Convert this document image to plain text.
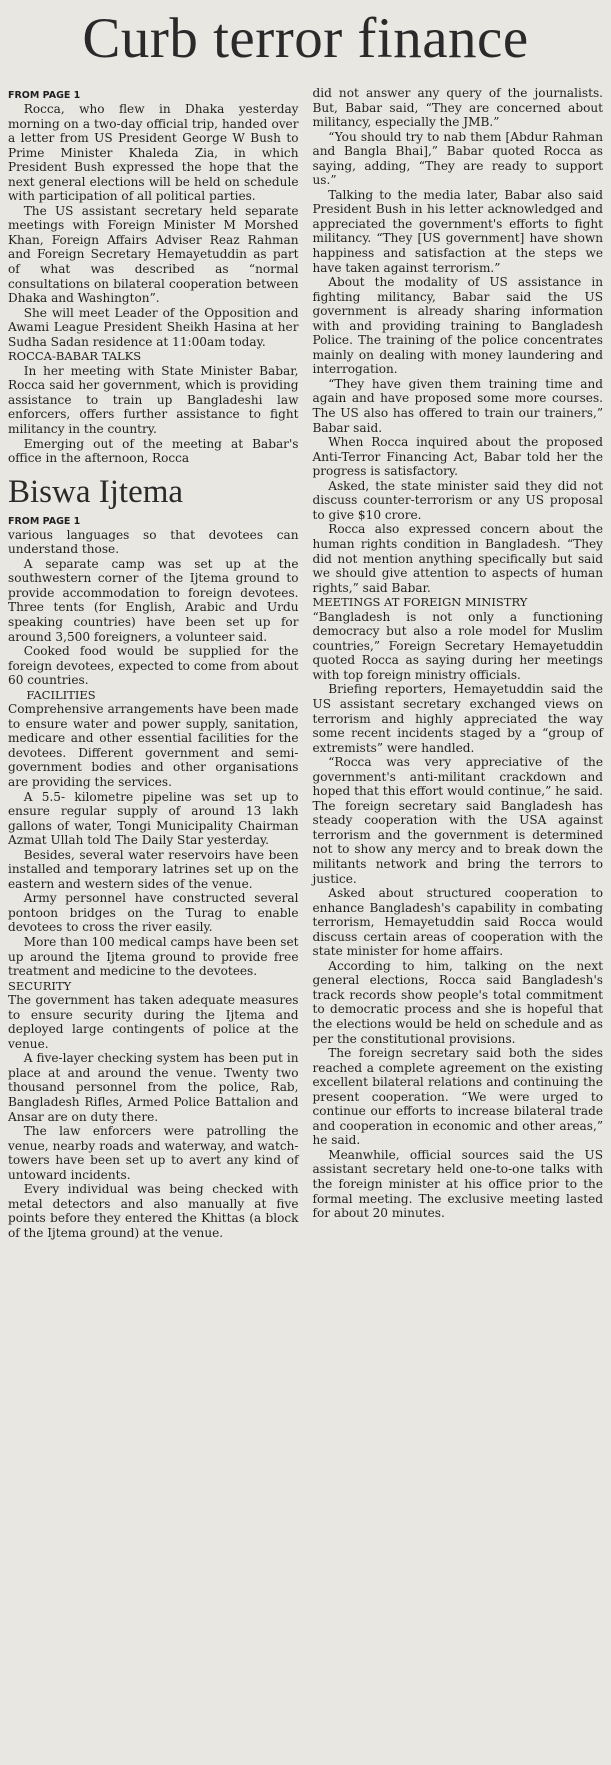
Curb terror finance
FROM PAGE 1

Rocca, who flew in Dhaka yesterday morning on a two-day official trip, handed over a letter from US President George W Bush to Prime Minister Khaleda Zia, in which President Bush expressed the hope that the next general elections will be held on schedule with participation of all political parties.

The US assistant secretary held separate meetings with Foreign Minister M Morshed Khan, Foreign Affairs Adviser Reaz Rahman and Foreign Secretary Hemayetuddin as part of what was described as “normal consultations on bilateral cooperation between Dhaka and Washington”.

She will meet Leader of the Opposition and Awami League President Sheikh Hasina at her Sudha Sadan residence at 11:00am today.

ROCCA-BABAR TALKS

In her meeting with State Minister Babar, Rocca said her government, which is providing assistance to train up Bangladeshi law enforcers, offers further assistance to fight militancy in the country.

Emerging out of the meeting at Babar's office in the afternoon, Rocca

Biswa Ijtema
FROM PAGE 1

various languages so that devotees can understand those.

A separate camp was set up at the southwestern corner of the Ijtema ground to provide accommodation to foreign devotees. Three tents (for English, Arabic and Urdu speaking countries) have been set up for around 3,500 foreigners, a volunteer said.

Cooked food would be supplied for the foreign devotees, expected to come from about 60 countries.

FACILITIES

Comprehensive arrangements have been made to ensure water and power supply, sanitation, medicare and other essential facilities for the devotees. Different government and semi-government bodies and other organisations are providing the services.

A 5.5- kilometre pipeline was set up to ensure regular supply of around 13 lakh gallons of water, Tongi Municipality Chairman Azmat Ullah told The Daily Star yesterday.

Besides, several water reservoirs have been installed and temporary latrines set up on the eastern and western sides of the venue.

Army personnel have constructed several pontoon bridges on the Turag to enable devotees to cross the river easily.

More than 100 medical camps have been set up around the Ijtema ground to provide free treatment and medicine to the devotees.

SECURITY

The government has taken adequate measures to ensure security during the Ijtema and deployed large contingents of police at the venue.

A five-layer checking system has been put in place at and around the venue. Twenty two thousand personnel from the police, Rab, Bangladesh Rifles, Armed Police Battalion and Ansar are on duty there.

The law enforcers were patrolling the venue, nearby roads and waterway, and watch-towers have been set up to avert any kind of untoward incidents.

Every individual was being checked with metal detectors and also manually at five points before they entered the Khittas (a block of the Ijtema ground) at the venue.

did not answer any query of the journalists. But, Babar said, “They are concerned about militancy, especially the JMB.”

“You should try to nab them [Abdur Rahman and Bangla Bhai],” Babar quoted Rocca as saying, adding, “They are ready to support us.”

Talking to the media later, Babar also said President Bush in his letter acknowledged and appreciated the government's efforts to fight militancy. “They [US government] have shown happiness and satisfaction at the steps we have taken against terrorism.”

About the modality of US assistance in fighting militancy, Babar said the US government is already sharing information with and providing training to Bangladesh Police. The training of the police concentrates mainly on dealing with money laundering and interrogation.

“They have given them training time and again and have proposed some more courses. The US also has offered to train our trainers,” Babar said.

When Rocca inquired about the proposed Anti-Terror Financing Act, Babar told her the progress is satisfactory.

Asked, the state minister said they did not discuss counter-terrorism or any US proposal to give $10 crore.

Rocca also expressed concern about the human rights condition in Bangladesh. “They did not mention anything specifically but said we should give attention to aspects of human rights,” said Babar.

MEETINGS AT FOREIGN MINISTRY

“Bangladesh is not only a functioning democracy but also a role model for Muslim countries,” Foreign Secretary Hemayetuddin quoted Rocca as saying during her meetings with top foreign ministry officials.

Briefing reporters, Hemayetuddin said the US assistant secretary exchanged views on terrorism and highly appreciated the way some recent incidents staged by a “group of extremists” were handled.

“Rocca was very appreciative of the government's anti-militant crackdown and hoped that this effort would continue,” he said. The foreign secretary said Bangladesh has steady cooperation with the USA against terrorism and the government is determined not to show any mercy and to break down the militants network and bring the terrors to justice.

Asked about structured cooperation to enhance Bangladesh's capability in combating terrorism, Hemayetuddin said Rocca would discuss certain areas of cooperation with the state minister for home affairs.

According to him, talking on the next general elections, Rocca said Bangladesh's track records show people's total commitment to democratic process and she is hopeful that the elections would be held on schedule and as per the constitutional provisions.

The foreign secretary said both the sides reached a complete agreement on the existing excellent bilateral relations and continuing the present cooperation. “We were urged to continue our efforts to increase bilateral trade and cooperation in economic and other areas,” he said.

Meanwhile, official sources said the US assistant secretary held one-to-one talks with the foreign minister at his office prior to the formal meeting. The exclusive meeting lasted for about 20 minutes.
